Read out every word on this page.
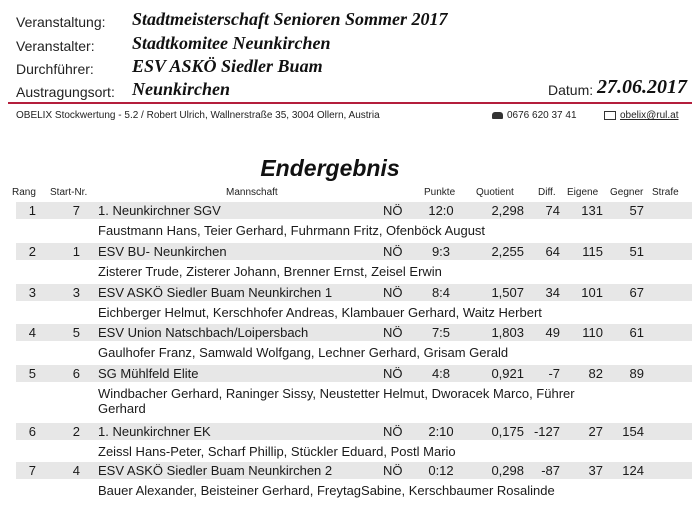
Veranstaltung: Stadtmeisterschaft Senioren Sommer 2017
Veranstalter: Stadtkomitee Neunkirchen
Durchführer: ESV ASKÖ Siedler Buam
Austragungsort: Neunkirchen	Datum: 27.06.2017
OBELIX Stockwertung - 5.2 / Robert Ulrich, Wallnerstraße 35, 3004 Ollern, Austria	0676 620 37 41	obelix@rul.at
Endergebnis
Rang Start-Nr.	Mannschaft	Punkte Quotient Diff. Eigene Gegner Strafe
1	7 1. Neunkirchner SGV	NÖ	12:0	2,298	74	131	57
Faustmann Hans, Teier Gerhard, Fuhrmann Fritz, Ofenböck August
2	1 ESV BU- Neunkirchen	NÖ	9:3	2,255	64	115	51
Zisterer Trude, Zisterer Johann, Brenner Ernst, Zeisel Erwin
3	3 ESV ASKÖ Siedler Buam Neunkirchen 1	NÖ	8:4	1,507	34	101	67
Eichberger Helmut, Kerschhofer Andreas, Klambauer Gerhard, Waitz Herbert
4	5 ESV Union Natschbach/Loipersbach	NÖ	7:5	1,803	49	110	61
Gaulhofer Franz, Samwald Wolfgang, Lechner Gerhard, Grisam Gerald
5	6 SG Mühlfeld Elite	NÖ	4:8	0,921	-7	82	89
Windbacher Gerhard, Raninger Sissy, Neustetter Helmut, Dworacek Marco, Führer Gerhard
6	2 1. Neunkirchner EK	NÖ	2:10	0,175 -127	27	154
Zeissl Hans-Peter, Scharf Phillip, Stückler Eduard, Postl Mario
7	4 ESV ASKÖ Siedler Buam Neunkirchen 2	NÖ	0:12	0,298	-87	37	124
Bauer Alexander, Beisteiner Gerhard, FreytagSabine, Kerschbaumer Rosalinde
